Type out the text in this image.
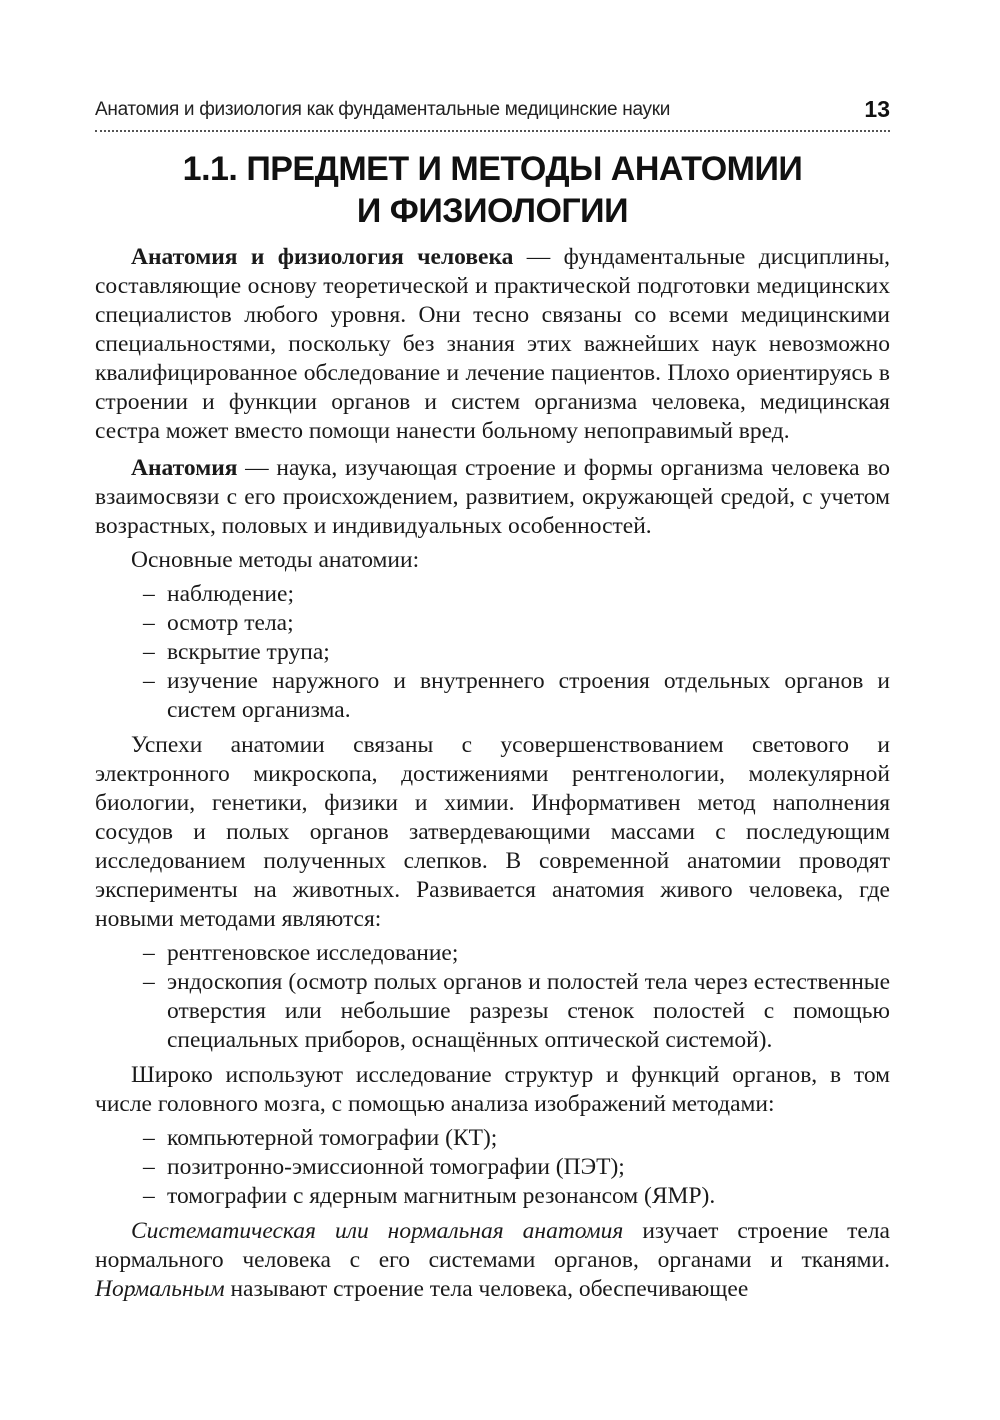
Анатомия и физиология как фундаментальные медицинские науки	13
1.1. ПРЕДМЕТ И МЕТОДЫ АНАТОМИИ
И ФИЗИОЛОГИИ

Анатомия и физиология человека — фундаментальные дисциплины, составляющие основу теоретической и практической подготовки медицинских специалистов любого уровня. Они тесно связаны со всеми медицинскими специальностями, поскольку без знания этих важнейших наук невозможно квалифицированное обследование и лечение пациентов. Плохо ориентируясь в строении и функции органов и систем организма человека, медицинская сестра может вместо помощи нанести больному непоправимый вред.

Анатомия — наука, изучающая строение и формы организма человека во взаимосвязи с его происхождением, развитием, окружающей средой, с учетом возрастных, половых и индивидуальных особенностей.

Основные методы анатомии:

– наблюдение;
– осмотр тела;
– вскрытие трупа;
– изучение наружного и внутреннего строения отдельных органов и систем организма.

Успехи анатомии связаны с усовершенствованием светового и электронного микроскопа, достижениями рентгенологии, молекулярной биологии, генетики, физики и химии. Информативен метод наполнения сосудов и полых органов затвердевающими массами с последующим исследованием полученных слепков. В современной анатомии проводят эксперименты на животных. Развивается анатомия живого человека, где новыми методами являются:

– рентгеновское исследование;
– эндоскопия (осмотр полых органов и полостей тела через естественные отверстия или небольшие разрезы стенок полостей с помощью специальных приборов, оснащённых оптической системой).

Широко используют исследование структур и функций органов, в том числе головного мозга, с помощью анализа изображений методами:

– компьютерной томографии (КТ);
– позитронно-эмиссионной томографии (ПЭТ);
– томографии с ядерным магнитным резонансом (ЯМР).

Систематическая или нормальная анатомия изучает строение тела нормального человека с его системами органов, органами и тканями. Нормальным называют строение тела человека, обеспечивающее
